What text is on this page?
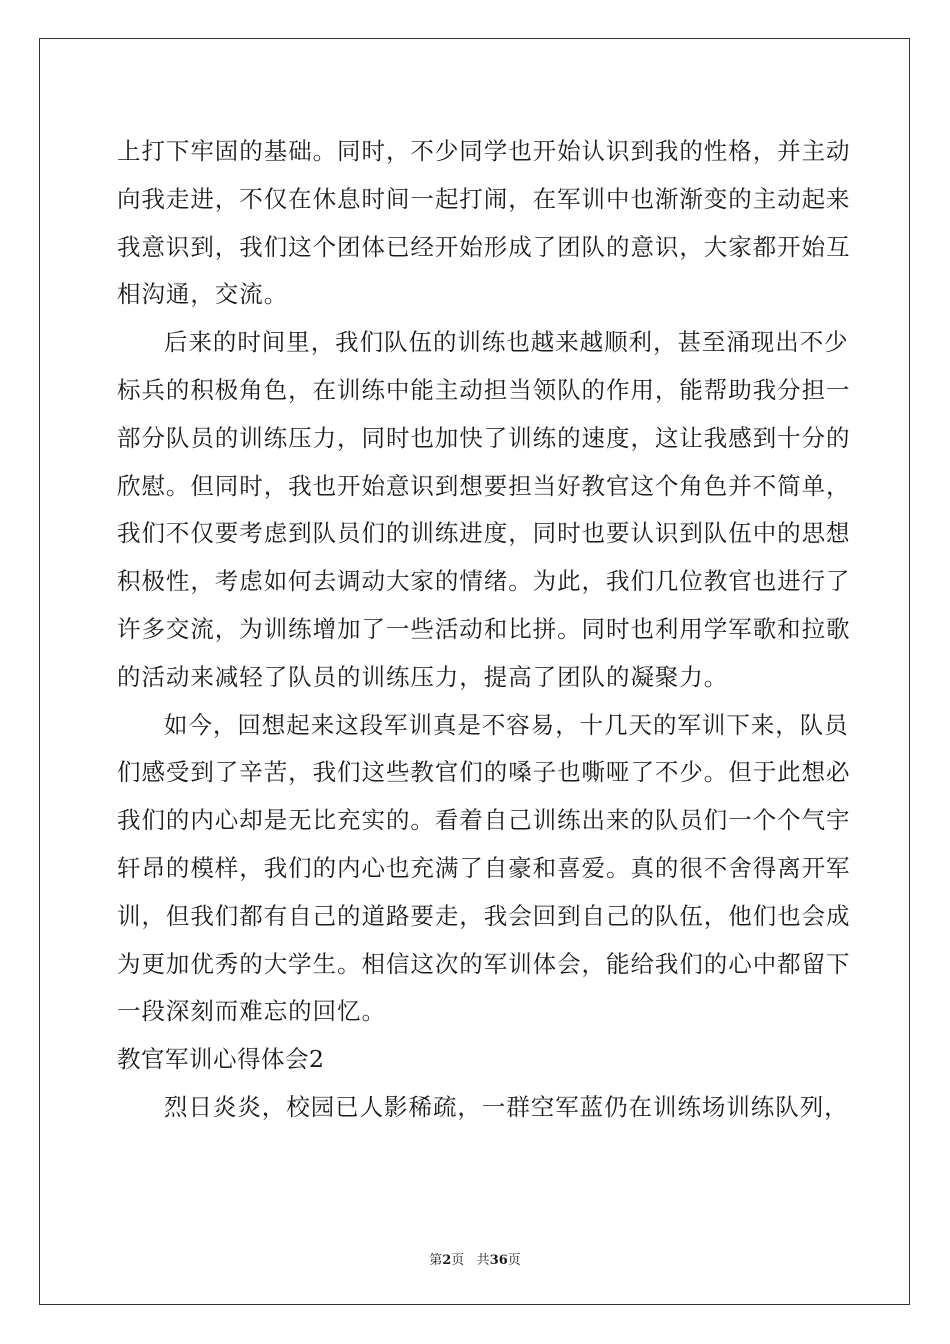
上打下牢固的基础。同时，不少同学也开始认识到我的性格，并主动
向我走进，不仅在休息时间一起打闹，在军训中也渐渐变的主动起来
我意识到，我们这个团体已经开始形成了团队的意识，大家都开始互
相沟通，交流。
后来的时间里，我们队伍的训练也越来越顺利，甚至涌现出不少
标兵的积极角色，在训练中能主动担当领队的作用，能帮助我分担一
部分队员的训练压力，同时也加快了训练的速度，这让我感到十分的
欣慰。但同时，我也开始意识到想要担当好教官这个角色并不简单，
我们不仅要考虑到队员们的训练进度，同时也要认识到队伍中的思想
积极性，考虑如何去调动大家的情绪。为此，我们几位教官也进行了
许多交流，为训练增加了一些活动和比拼。同时也利用学军歌和拉歌
的活动来减轻了队员的训练压力，提高了团队的凝聚力。
如今，回想起来这段军训真是不容易，十几天的军训下来，队员
们感受到了辛苦，我们这些教官们的嗓子也嘶哑了不少。但于此想必
我们的内心却是无比充实的。看着自己训练出来的队员们一个个气宇
轩昂的模样，我们的内心也充满了自豪和喜爱。真的很不舍得离开军
训，但我们都有自己的道路要走，我会回到自己的队伍，他们也会成
为更加优秀的大学生。相信这次的军训体会，能给我们的心中都留下
一段深刻而难忘的回忆。
教官军训心得体会2
烈日炎炎，校园已人影稀疏，一群空军蓝仍在训练场训练队列，
第2页 共36页
